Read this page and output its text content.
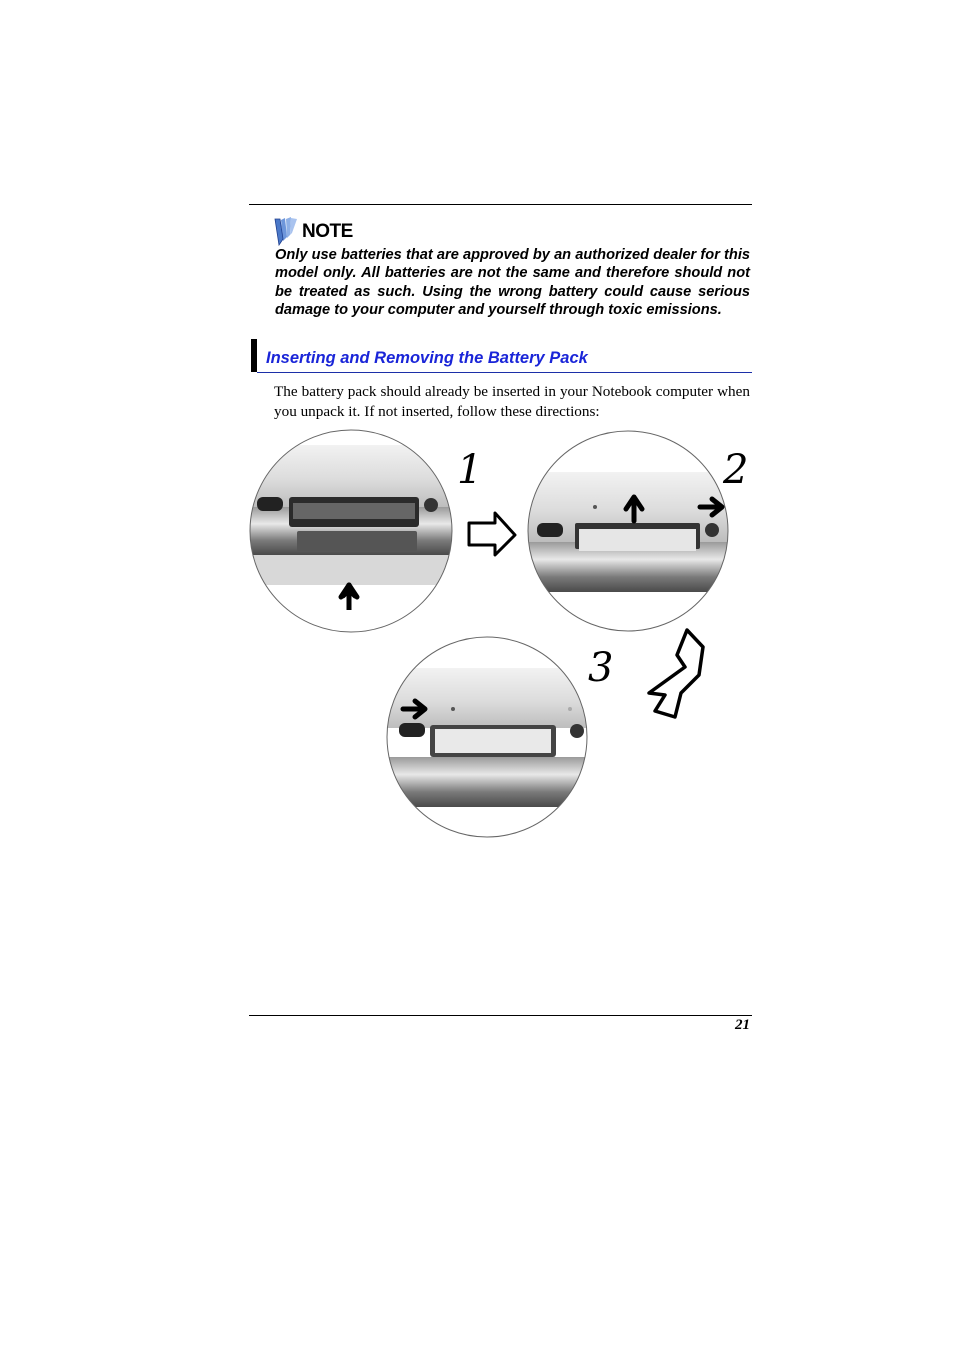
NOTE
Only use batteries that are approved by an authorized dealer for this model only. All batteries are not the same and therefore should not be treated as such. Using the wrong battery could cause serious damage to your computer and yourself through toxic emissions.
Inserting and Removing the Battery Pack
The battery pack should already be inserted in your Notebook computer when you unpack it. If not inserted, follow these directions:
1	2
3
21
